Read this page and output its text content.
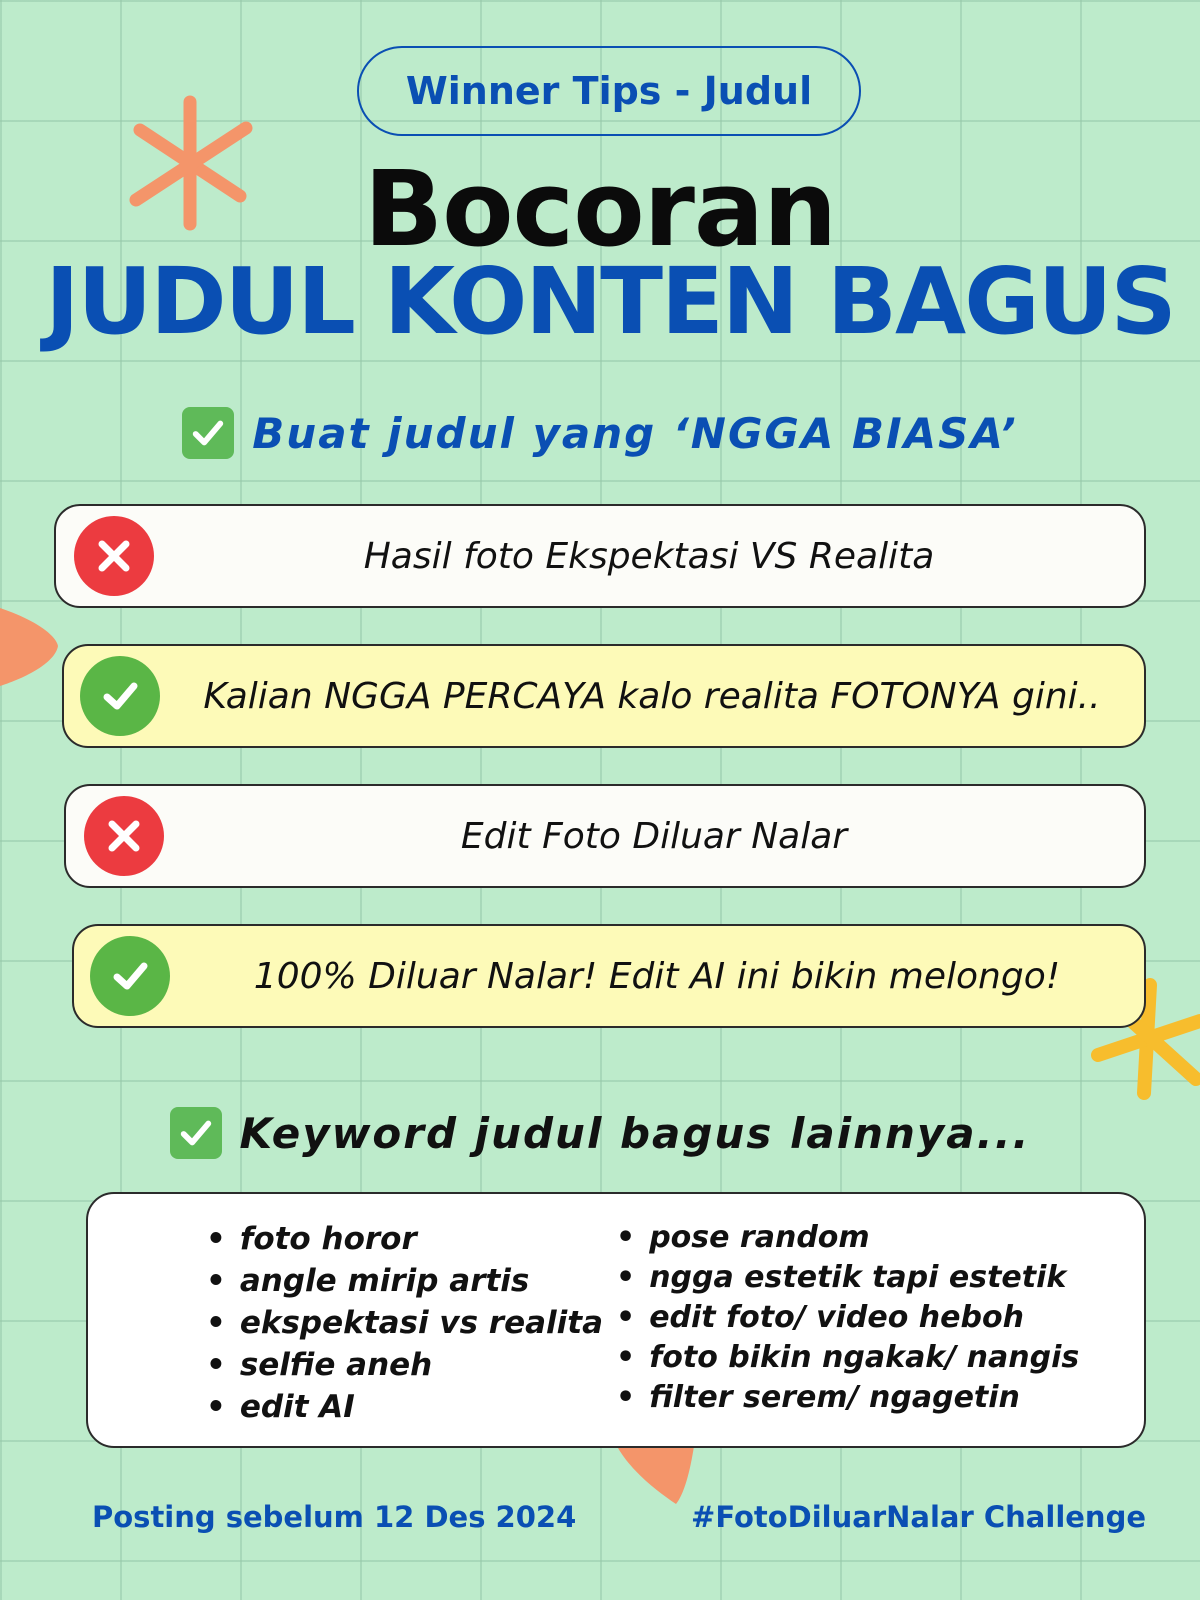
Winner Tips - Judul
Bocoran
JUDUL KONTEN BAGUS
Buat judul yang ‘NGGA BIASA’
Hasil foto Ekspektasi VS Realita
Kalian NGGA PERCAYA kalo realita FOTONYA gini..
Edit Foto Diluar Nalar
100% Diluar Nalar! Edit AI ini bikin melongo!
Keyword judul bagus lainnya...
• foto horor
• angle mirip artis
• ekspektasi vs realita
• selfie aneh
• edit AI
• pose random
• ngga estetik tapi estetik
• edit foto/ video heboh
• foto bikin ngakak/ nangis
• filter serem/ ngagetin
Posting sebelum 12 Des 2024	#FotoDiluarNalar Challenge
